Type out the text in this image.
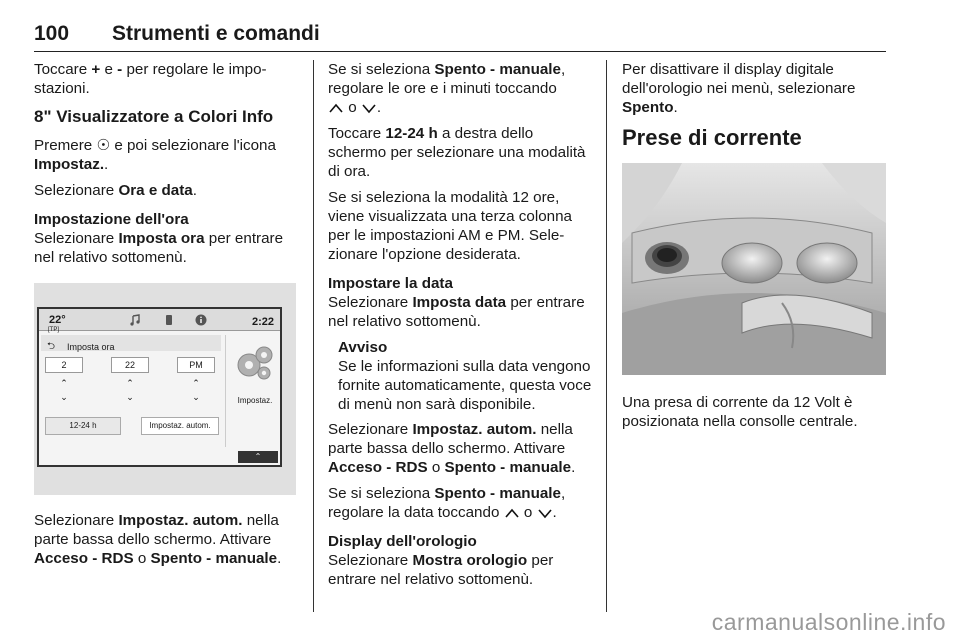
100 Strumenti e comandi

Toccare + e - per regolare le impostazioni.

8" Visualizzatore a Colori Info

Premere ☉ e poi selezionare l'icona Impostaz..

Selezionare Ora e data.

Impostazione dell'ora

Selezionare Imposta ora per entrare nel relativo sottomenù.

22°
[TP]
2:22
⮌ Imposta ora
2	22	PM
⌃
⌄
⌃
⌄
⌃
⌄
12-24 h	Impostaz. autom.
Impostaz.
⌃

Selezionare Impostaz. autom. nella parte bassa dello schermo. Attivare Acceso - RDS o Spento - manuale.

Se si seleziona Spento - manuale, regolare le ore e i minuti toccando
o .

Toccare 12-24 h a destra dello schermo per selezionare una modalità di ora.

Se si seleziona la modalità 12 ore, viene visualizzata una terza colonna per le impostazioni AM e PM. Selezionare l'opzione desiderata.

Impostare la data

Selezionare Imposta data per entrare nel relativo sottomenù.

Avviso
Se le informazioni sulla data vengono fornite automaticamente, questa voce di menù non sarà disponibile.

Selezionare Impostaz. autom. nella parte bassa dello schermo. Attivare Acceso - RDS o Spento - manuale.

Se si seleziona Spento - manuale, regolare la data toccando  o .

Display dell'orologio

Selezionare Mostra orologio per entrare nel relativo sottomenù.

Per disattivare il display digitale dell'orologio nei menù, selezionare Spento.

Prese di corrente

Una presa di corrente da 12 Volt è posizionata nella consolle centrale.

carmanualsonline.info
